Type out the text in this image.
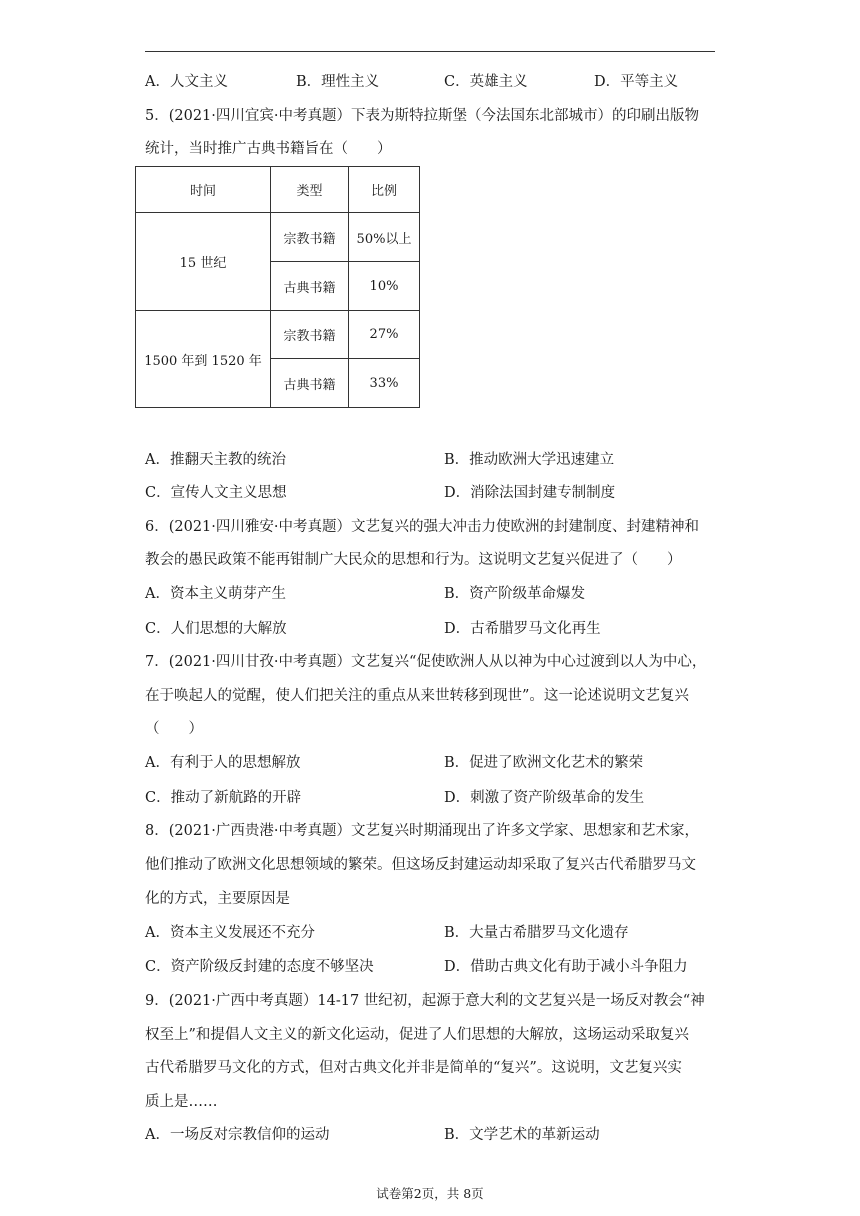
A．人文主义	B．理性主义	C．英雄主义	D．平等主义
5．(2021·四川宜宾·中考真题）下表为斯特拉斯堡（今法国东北部城市）的印刷出版物
统计，当时推广古典书籍旨在（　　）
时间	类型	比例
15 世纪	宗教书籍	50%以上
	古典书籍	10%
1500 年到 1520 年	宗教书籍	27%
	古典书籍	33%
A．推翻天主教的统治	B．推动欧洲大学迅速建立
C．宣传人文主义思想	D．消除法国封建专制制度
6．(2021·四川雅安·中考真题）文艺复兴的强大冲击力使欧洲的封建制度、封建精神和
教会的愚民政策不能再钳制广大民众的思想和行为。这说明文艺复兴促进了（　　）
A．资本主义萌芽产生	B．资产阶级革命爆发
C．人们思想的大解放	D．古希腊罗马文化再生
7．(2021·四川甘孜·中考真题）文艺复兴“促使欧洲人从以神为中心过渡到以人为中心，
在于唤起人的觉醒，使人们把关注的重点从来世转移到现世”。这一论述说明文艺复兴
（　　）
A．有利于人的思想解放	B．促进了欧洲文化艺术的繁荣
C．推动了新航路的开辟	D．刺激了资产阶级革命的发生
8．(2021·广西贵港·中考真题）文艺复兴时期涌现出了许多文学家、思想家和艺术家，
他们推动了欧洲文化思想领域的繁荣。但这场反封建运动却采取了复兴古代希腊罗马文
化的方式，主要原因是
A．资本主义发展还不充分	B．大量古希腊罗马文化遗存
C．资产阶级反封建的态度不够坚决	D．借助古典文化有助于减小斗争阻力
9．(2021·广西中考真题）14-17 世纪初，起源于意大利的文艺复兴是一场反对教会“神
权至上”和提倡人文主义的新文化运动，促进了人们思想的大解放，这场运动采取复兴
古代希腊罗马文化的方式，但对古典文化并非是简单的“复兴”。这说明，文艺复兴实
质上是……
A．一场反对宗教信仰的运动	B．文学艺术的革新运动
试卷第2页，共 8页
